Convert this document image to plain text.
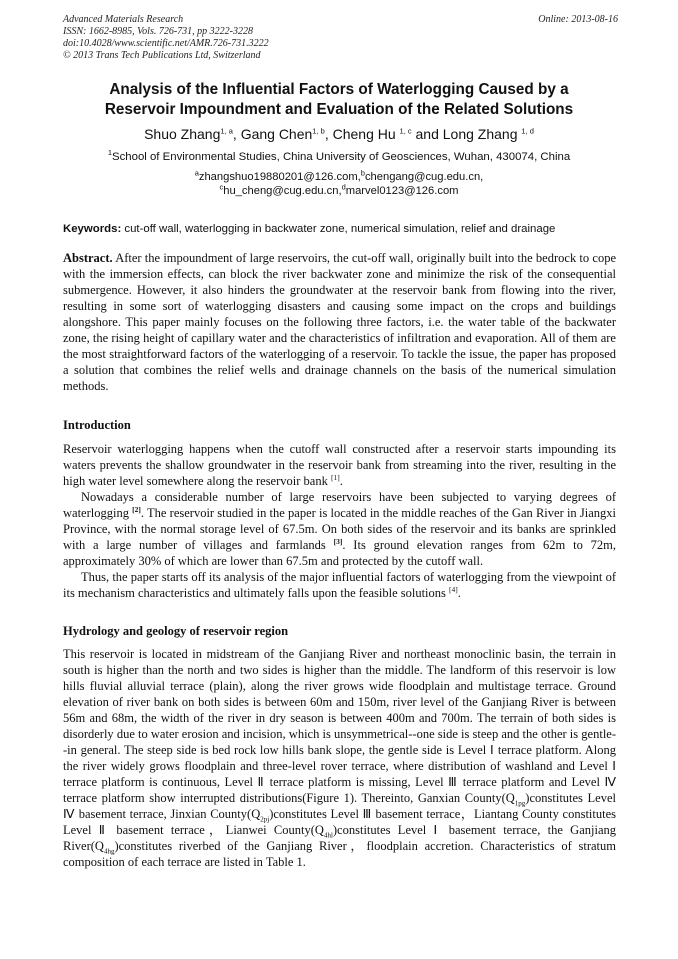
Advanced Materials Research
ISSN: 1662-8985, Vols. 726-731, pp 3222-3228
doi:10.4028/www.scientific.net/AMR.726-731.3222
© 2013 Trans Tech Publications Ltd, Switzerland
Online: 2013-08-16
Analysis of the Influential Factors of Waterlogging Caused by a
Reservoir Impoundment and Evaluation of the Related Solutions
Shuo Zhang$^{1, a}$, Gang Chen$^{1, b}$, Cheng Hu $^{1, c}$ and Long Zhang $^{1, d}$
$^1$School of Environmental Studies, China University of Geosciences, Wuhan, 430074, China
$^a$zhangshuo19880201@126.com,$^b$chengang@cug.edu.cn,
$^c$hu_cheng@cug.edu.cn,$^d$marvel0123@126.com
Keywords: cut-off wall, waterlogging in backwater zone, numerical simulation, relief and drainage
Abstract. After the impoundment of large reservoirs, the cut-off wall, originally built into the bedrock to cope with the immersion effects, can block the river backwater zone and minimize the risk of the consequential submergence. However, it also hinders the groundwater at the reservoir bank from flowing into the river, resulting in some sort of waterlogging disasters and causing some impact on the crops and buildings alongshore. This paper mainly focuses on the following three factors, i.e. the water table of the backwater zone, the rising height of capillary water and the characteristics of infiltration and evaporation. All of them are the most straightforward factors of the waterlogging of a reservoir. To tackle the issue, the paper has proposed a solution that combines the relief wells and drainage channels on the basis of the numerical simulation methods.
Introduction

Reservoir waterlogging happens when the cutoff wall constructed after a reservoir starts impounding its waters prevents the shallow groundwater in the reservoir bank from streaming into the river, resulting in the high water level somewhere along the reservoir bank [1].

Nowadays a considerable number of large reservoirs have been subjected to varying degrees of waterlogging [2]. The reservoir studied in the paper is located in the middle reaches of the Gan River in Jiangxi Province, with the normal storage level of 67.5m. On both sides of the reservoir and its banks are sprinkled with a large number of villages and farmlands [3]. Its ground elevation ranges from 62m to 72m, approximately 30% of which are lower than 67.5m and protected by the cutoff wall.

Thus, the paper starts off its analysis of the major influential factors of waterlogging from the viewpoint of its mechanism characteristics and ultimately falls upon the feasible solutions [4].

Hydrology and geology of reservoir region

This reservoir is located in midstream of the Ganjiang River and northeast monoclinic basin, the terrain in south is higher than the north and two sides is higher than the middle. The landform of this reservoir is low hills fluvial alluvial terrace (plain), along the river grows wide floodplain and multistage terrace. Ground elevation of river bank on both sides is between 60m and 150m, river level of the Ganjiang River is between 56m and 68m, the width of the river in dry season is between 400m and 700m. The terrain of both sides is disorderly due to water erosion and incision, which is unsymmetrical--one side is steep and the other is gentle--in general. The steep side is bed rock low hills bank slope, the gentle side is Level Ⅰ terrace platform. Along the river widely grows floodplain and three-level rover terrace, where distribution of washland and Level Ⅰ terrace platform is continuous, Level Ⅱ terrace platform is missing, Level Ⅲ terrace platform and Level Ⅳ terrace platform show interrupted distributions(Figure 1). Thereinto, Ganxian $County(Q_{1pg})constitutes$ Level Ⅳ basement terrace, Jinxian $County(Q_{2pj})constitutes$ Level Ⅲ basement terrace，Liantang County constitutes Level Ⅱ basement terrace，Lianwei $County(Q_{4hl})constitutes$ Level Ⅰ basement terrace, the Ganjiang $River(Q_{4hg})constitutes$ riverbed of the Ganjiang River，floodplain accretion. Characteristics of stratum composition of each terrace are listed in Table 1.
